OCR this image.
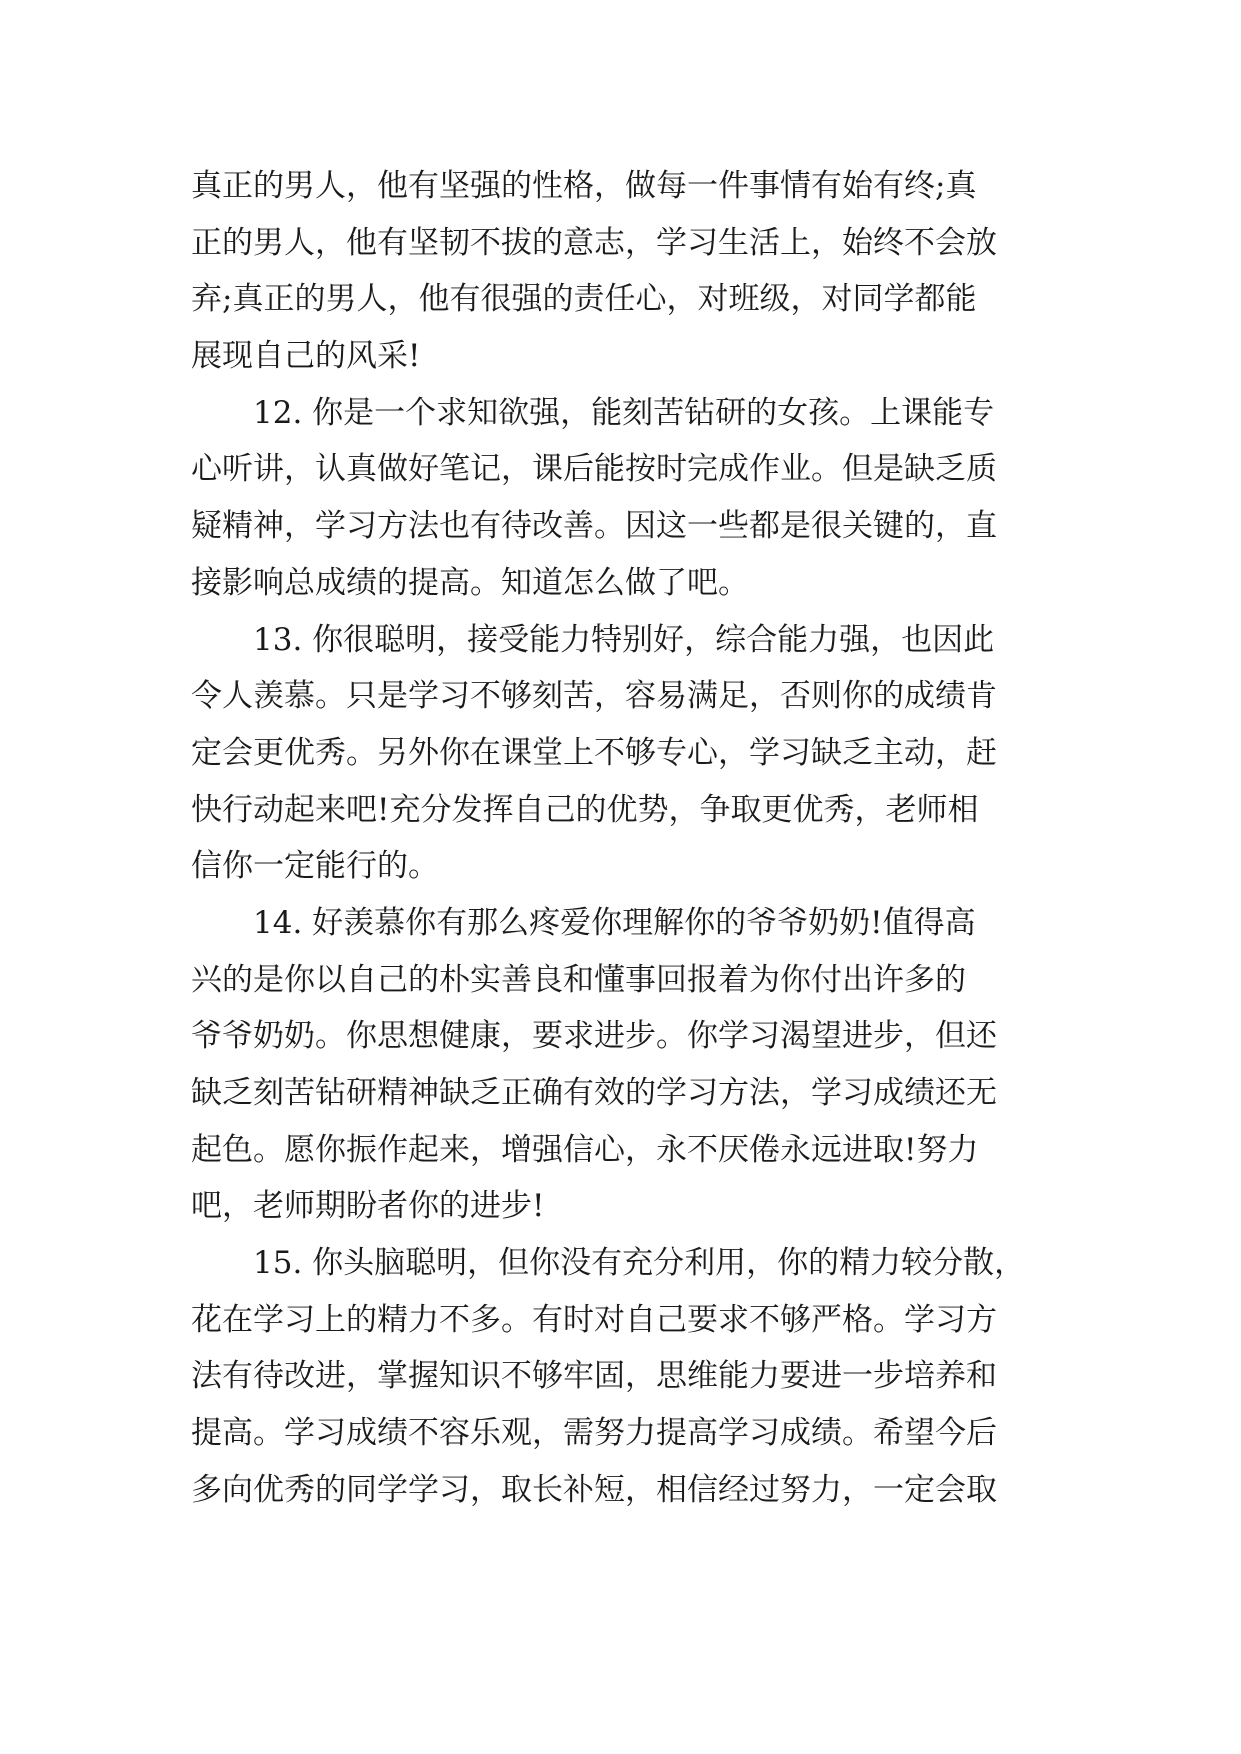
真正的男人，他有坚强的性格，做每一件事情有始有终;真
正的男人，他有坚韧不拔的意志，学习生活上，始终不会放
弃;真正的男人，他有很强的责任心，对班级，对同学都能
展现自己的风采!
　　12. 你是一个求知欲强，能刻苦钻研的女孩。上课能专
心听讲，认真做好笔记，课后能按时完成作业。但是缺乏质
疑精神，学习方法也有待改善。因这一些都是很关键的，直
接影响总成绩的提高。知道怎么做了吧。
　　13. 你很聪明，接受能力特别好，综合能力强，也因此
令人羡慕。只是学习不够刻苦，容易满足，否则你的成绩肯
定会更优秀。另外你在课堂上不够专心，学习缺乏主动，赶
快行动起来吧!充分发挥自己的优势，争取更优秀，老师相
信你一定能行的。
　　14. 好羡慕你有那么疼爱你理解你的爷爷奶奶!值得高
兴的是你以自己的朴实善良和懂事回报着为你付出许多的
爷爷奶奶。你思想健康，要求进步。你学习渴望进步，但还
缺乏刻苦钻研精神缺乏正确有效的学习方法，学习成绩还无
起色。愿你振作起来，增强信心，永不厌倦永远进取!努力
吧，老师期盼者你的进步!
　　15. 你头脑聪明，但你没有充分利用，你的精力较分散，
花在学习上的精力不多。有时对自己要求不够严格。学习方
法有待改进，掌握知识不够牢固，思维能力要进一步培养和
提高。学习成绩不容乐观，需努力提高学习成绩。希望今后
多向优秀的同学学习，取长补短，相信经过努力，一定会取
